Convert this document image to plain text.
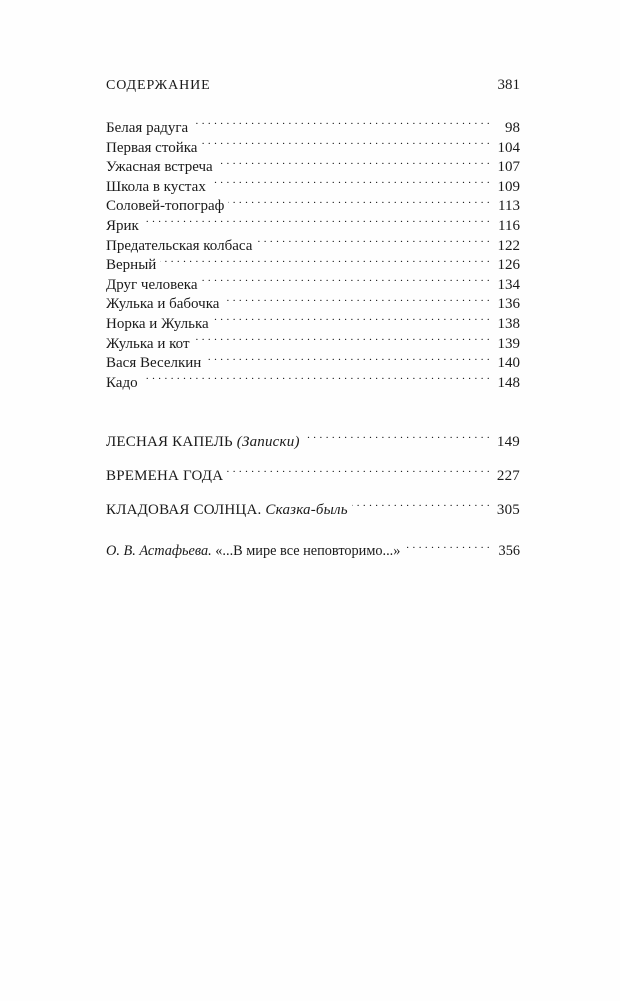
СОДЕРЖАНИЕ	381
Белая радуга . . .	98
Первая стойка . . .	104
Ужасная встреча . . .	107
Школа в кустах . . .	109
Соловей-топограф . . .	113
Ярик . . .	116
Предательская колбаса . . .	122
Верный . . .	126
Друг человека . . .	134
Жулька и бабочка . . .	136
Норка и Жулька . . .	138
Жулька и кот . . .	139
Вася Веселкин . . .	140
Кадо . . .	148
ЛЕСНАЯ КАПЕЛЬ (Записки) . . .	149
ВРЕМЕНА ГОДА . . .	227
КЛАДОВАЯ СОЛНЦА. Сказка-быль . . .	305
О. В. Астафьева. «...В мире все неповторимо...» . . .	356
